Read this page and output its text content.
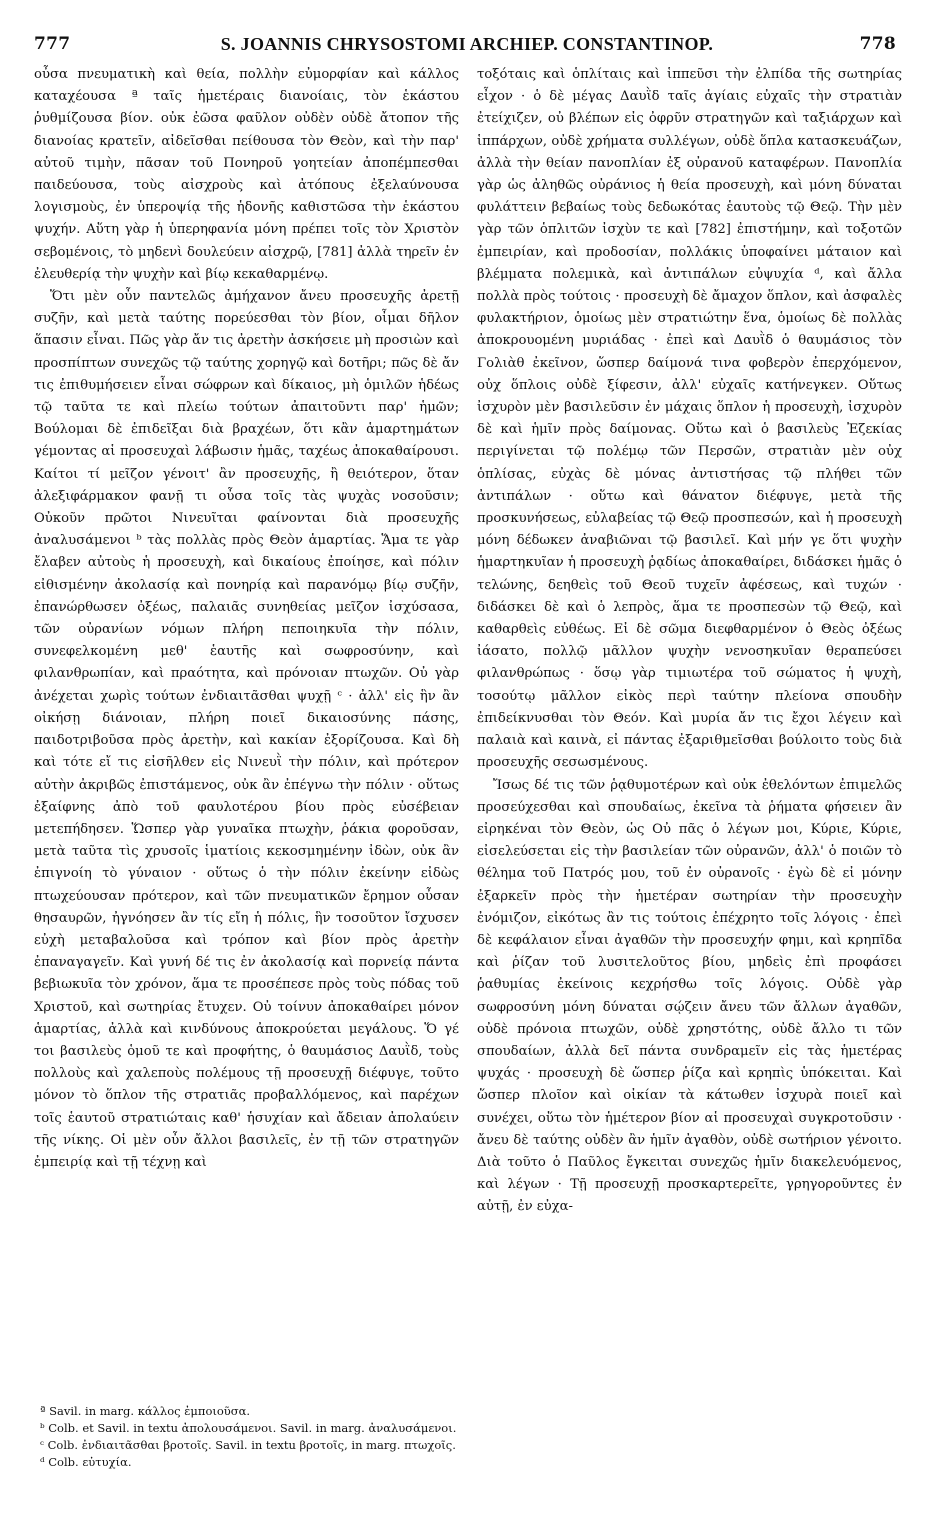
777	S. JOANNIS CHRYSOSTOMI ARCHIEP. CONSTANTINOP.	778

οὖσα πνευματικὴ καὶ θεία, πολλὴν εὐμορφίαν καὶ κάλλος καταχέουσα ª ταῖς ἡμετέραις διανοίαις, τὸν ἑκάστου ῥυθμίζουσα βίον. οὐκ ἐῶσα φαῦλον οὐδὲν οὐδὲ ἄτοπον τῆς διανοίας κρατεῖν, αἰδεῖσθαι πείθουσα τὸν Θεὸν, καὶ τὴν παρ' αὐτοῦ τιμὴν, πᾶσαν τοῦ Πονηροῦ γοητείαν ἀποπέμπεσθαι παιδεύουσα, τοὺς αἰσχροὺς καὶ ἀτόπους ἐξελαύνουσα λογισμοὺς, ἐν ὑπεροψίᾳ τῆς ἡδονῆς καθιστῶσα τὴν ἑκάστου ψυχήν. Αὕτη γὰρ ἡ ὑπερηφανία μόνη πρέπει τοῖς τὸν Χριστὸν σεβομένοις, τὸ μηδενὶ δουλεύειν αἰσχρῷ, [781] ἀλλὰ τηρεῖν ἐν ἐλευθερίᾳ τὴν ψυχὴν καὶ βίῳ κεκαθαρμένῳ.

Ὅτι μὲν οὖν παντελῶς ἀμήχανον ἄνευ προσευχῆς ἀρετῇ συζῆν, καὶ μετὰ ταύτης πορεύεσθαι τὸν βίον, οἶμαι δῆλον ἅπασιν εἶναι. Πῶς γὰρ ἄν τις ἀρετὴν ἀσκήσειε μὴ προσιὼν καὶ προσπίπτων συνεχῶς τῷ ταύτης χορηγῷ καὶ δοτῆρι; πῶς δὲ ἄν τις ἐπιθυμήσειεν εἶναι σώφρων καὶ δίκαιος, μὴ ὁμιλῶν ἡδέως τῷ ταῦτα τε καὶ πλείω τούτων ἀπαιτοῦντι παρ' ἡμῶν; Βούλομαι δὲ ἐπιδεῖξαι διὰ βραχέων, ὅτι κἂν ἁμαρτημάτων γέμοντας αἱ προσευχαὶ λάβωσιν ἡμᾶς, ταχέως ἀποκαθαίρουσι. Καίτοι τί μεῖζον γένοιτ' ἂν προσευχῆς, ἢ θειότερον, ὅταν ἀλεξιφάρμακον φανῇ τι οὖσα τοῖς τὰς ψυχὰς νοσοῦσιν; Οὐκοῦν πρῶτοι Νινευῖται φαίνονται διὰ προσευχῆς ἀναλυσάμενοι ᵇ τὰς πολλὰς πρὸς Θεὸν ἁμαρτίας. Ἅμα τε γὰρ ἔλαβεν αὐτοὺς ἡ προσευχὴ, καὶ δικαίους ἐποίησε, καὶ πόλιν εἰθισμένην ἀκολασίᾳ καὶ πονηρίᾳ καὶ παρανόμῳ βίῳ συζῆν, ἐπανώρθωσεν ὀξέως, παλαιᾶς συνηθείας μεῖζον ἰσχύσασα, τῶν οὐρανίων νόμων πλήρη πεποιηκυῖα τὴν πόλιν, συνεφελκομένη μεθ' ἑαυτῆς καὶ σωφροσύνην, καὶ φιλανθρωπίαν, καὶ πραότητα, καὶ πρόνοιαν πτωχῶν. Οὐ γὰρ ἀνέχεται χωρὶς τούτων ἐνδιαιτᾶσθαι ψυχῇ ᶜ · ἀλλ' εἰς ἣν ἂν οἰκήσῃ διάνοιαν, πλήρη ποιεῖ δικαιοσύνης πάσης, παιδοτριβοῦσα πρὸς ἀρετὴν, καὶ κακίαν ἐξορίζουσα. Καὶ δὴ καὶ τότε εἴ τις εἰσῆλθεν εἰς Νινευῒ τὴν πόλιν, καὶ πρότερον αὐτὴν ἀκριβῶς ἐπιστάμενος, οὐκ ἂν ἐπέγνω τὴν πόλιν · οὕτως ἐξαίφνης ἀπὸ τοῦ φαυλοτέρου βίου πρὸς εὐσέβειαν μετεπήδησεν. Ὥσπερ γὰρ γυναῖκα πτωχὴν, ῥάκια φοροῦσαν, μετὰ ταῦτα τὶς χρυσοῖς ἱματίοις κεκοσμημένην ἰδὼν, οὐκ ἂν ἐπιγνοίη τὸ γύναιον · οὕτως ὁ τὴν πόλιν ἐκείνην εἰδὼς πτωχεύουσαν πρότερον, καὶ τῶν πνευματικῶν ἔρημον οὖσαν θησαυρῶν, ἠγνόησεν ἂν τίς εἴη ἡ πόλις, ἣν τοσοῦτον ἴσχυσεν εὐχὴ μεταβαλοῦσα καὶ τρόπον καὶ βίον πρὸς ἀρετὴν ἐπαναγαγεῖν. Καὶ γυνή δέ τις ἐν ἀκολασίᾳ καὶ πορνείᾳ πάντα βεβιωκυῖα τὸν χρόνον, ἅμα τε προσέπεσε πρὸς τοὺς πόδας τοῦ Χριστοῦ, καὶ σωτηρίας ἔτυχεν. Οὐ τοίνυν ἀποκαθαίρει μόνον ἁμαρτίας, ἀλλὰ καὶ κινδύνους ἀποκρούεται μεγάλους. Ὅ γέ τοι βασιλεὺς ὁμοῦ τε καὶ προφήτης, ὁ θαυμάσιος Δαυῒδ, τοὺς πολλοὺς καὶ χαλεποὺς πολέμους τῇ προσευχῇ διέφυγε, τοῦτο μόνον τὸ ὅπλον τῆς στρατιᾶς προβαλλόμενος, καὶ παρέχων τοῖς ἑαυτοῦ στρατιώταις καθ' ἡσυχίαν καὶ ἄδειαν ἀπολαύειν τῆς νίκης. Οἱ μὲν οὖν ἄλλοι βασιλεῖς, ἐν τῇ τῶν στρατηγῶν ἐμπειρίᾳ καὶ τῇ τέχνῃ καὶ

τοξόταις καὶ ὁπλίταις καὶ ἱππεῦσι τὴν ἐλπίδα τῆς σωτηρίας εἶχον · ὁ δὲ μέγας Δαυῒδ ταῖς ἁγίαις εὐχαῖς τὴν στρατιὰν ἐτείχιζεν, οὐ βλέπων εἰς ὀφρῦν στρατηγῶν καὶ ταξιάρχων καὶ ἱππάρχων, οὐδὲ χρήματα συλλέγων, οὐδὲ ὅπλα κατασκευάζων, ἀλλὰ τὴν θείαν πανοπλίαν ἐξ οὐρανοῦ καταφέρων. Πανοπλία γὰρ ὡς ἀληθῶς οὐράνιος ἡ θεία προσευχὴ, καὶ μόνη δύναται φυλάττειν βεβαίως τοὺς δεδωκότας ἑαυτοὺς τῷ Θεῷ. Τὴν μὲν γὰρ τῶν ὁπλιτῶν ἰσχὺν τε καὶ [782] ἐπιστήμην, καὶ τοξοτῶν ἐμπειρίαν, καὶ προδοσίαν, πολλάκις ὑποφαίνει μάταιον καὶ βλέμματα πολεμικὰ, καὶ ἀντιπάλων εὐψυχία ᵈ, καὶ ἄλλα πολλὰ πρὸς τούτοις · προσευχὴ δὲ ἄμαχον ὅπλον, καὶ ἀσφαλὲς φυλακτήριον, ὁμοίως μὲν στρατιώτην ἕνα, ὁμοίως δὲ πολλὰς ἀποκρουομένη μυριάδας · ἐπεὶ καὶ Δαυῒδ ὁ θαυμάσιος τὸν Γολιὰθ ἐκεῖνον, ὥσπερ δαίμονά τινα φοβερὸν ἐπερχόμενον, οὐχ ὅπλοις οὐδὲ ξίφεσιν, ἀλλ' εὐχαῖς κατήνεγκεν. Οὕτως ἰσχυρὸν μὲν βασιλεῦσιν ἐν μάχαις ὅπλον ἡ προσευχὴ, ἰσχυρὸν δὲ καὶ ἡμῖν πρὸς δαίμονας. Οὕτω καὶ ὁ βασιλεὺς Ἐζεκίας περιγίνεται τῷ πολέμῳ τῶν Περσῶν, στρατιὰν μὲν οὐχ ὁπλίσας, εὐχὰς δὲ μόνας ἀντιστήσας τῷ πλήθει τῶν ἀντιπάλων · οὕτω καὶ θάνατον διέφυγε, μετὰ τῆς προσκυνήσεως, εὐλαβείας τῷ Θεῷ προσπεσών, καὶ ἡ προσευχὴ μόνη δέδωκεν ἀναβιῶναι τῷ βασιλεῖ. Καὶ μήν γε ὅτι ψυχὴν ἡμαρτηκυῖαν ἡ προσευχὴ ῥᾳδίως ἀποκαθαίρει, διδάσκει ἡμᾶς ὁ τελώνης, δεηθεὶς τοῦ Θεοῦ τυχεῖν ἀφέσεως, καὶ τυχών · διδάσκει δὲ καὶ ὁ λεπρὸς, ἅμα τε προσπεσὼν τῷ Θεῷ, καὶ καθαρθεὶς εὐθέως. Εἰ δὲ σῶμα διεφθαρμένον ὁ Θεὸς ὀξέως ἰάσατο, πολλῷ μᾶλλον ψυχὴν νενοσηκυῖαν θεραπεύσει φιλανθρώπως · ὅσῳ γὰρ τιμιωτέρα τοῦ σώματος ἡ ψυχὴ, τοσούτῳ μᾶλλον εἰκὸς περὶ ταύτην πλείονα σπουδὴν ἐπιδείκνυσθαι τὸν Θεόν. Καὶ μυρία ἄν τις ἔχοι λέγειν καὶ παλαιὰ καὶ καινὰ, εἰ πάντας ἐξαριθμεῖσθαι βούλοιτο τοὺς διὰ προσευχῆς σεσωσμένους.

Ἴσως δέ τις τῶν ῥᾳθυμοτέρων καὶ οὐκ ἐθελόντων ἐπιμελῶς προσεύχεσθαι καὶ σπουδαίως, ἐκεῖνα τὰ ῥήματα φήσειεν ἂν εἰρηκέναι τὸν Θεὸν, ὡς Οὐ πᾶς ὁ λέγων μοι, Κύριε, Κύριε, εἰσελεύσεται εἰς τὴν βασιλείαν τῶν οὐρανῶν, ἀλλ' ὁ ποιῶν τὸ θέλημα τοῦ Πατρός μου, τοῦ ἐν οὐρανοῖς · ἐγὼ δὲ εἰ μόνην ἐξαρκεῖν πρὸς τὴν ἡμετέραν σωτηρίαν τὴν προσευχὴν ἐνόμιζον, εἰκότως ἂν τις τούτοις ἐπέχρητο τοῖς λόγοις · ἐπεὶ δὲ κεφάλαιον εἶναι ἀγαθῶν τὴν προσευχήν φημι, καὶ κρηπῖδα καὶ ῥίζαν τοῦ λυσιτελοῦτος βίου, μηδεὶς ἐπὶ προφάσει ῥαθυμίας ἐκείνοις κεχρήσθω τοῖς λόγοις. Οὐδὲ γὰρ σωφροσύνη μόνη δύναται σῴζειν ἄνευ τῶν ἄλλων ἀγαθῶν, οὐδὲ πρόνοια πτωχῶν, οὐδὲ χρηστότης, οὐδὲ ἄλλο τι τῶν σπουδαίων, ἀλλὰ δεῖ πάντα συνδραμεῖν εἰς τὰς ἡμετέρας ψυχάς · προσευχὴ δὲ ὥσπερ ῥίζα καὶ κρηπὶς ὑπόκειται. Καὶ ὥσπερ πλοῖον καὶ οἰκίαν τὰ κάτωθεν ἰσχυρὰ ποιεῖ καὶ συνέχει, οὕτω τὸν ἡμέτερον βίον αἱ προσευχαὶ συγκροτοῦσιν · ἄνευ δὲ ταύτης οὐδὲν ἂν ἡμῖν ἀγαθὸν, οὐδὲ σωτήριον γένοιτο. Διὰ τοῦτο ὁ Παῦλος ἔγκειται συνεχῶς ἡμῖν διακελευόμενος, καὶ λέγων · Τῇ προσευχῇ προσκαρτερεῖτε, γρηγοροῦντες ἐν αὐτῇ, ἐν εὐχα-

ª Savil. in marg. κάλλος ἐμποιοῦσα.

ᵇ Colb. et Savil. in textu ἀπολουσάμενοι. Savil. in marg. ἀναλυσάμενοι.

ᶜ Colb. ἐνδιαιτᾶσθαι βροτοῖς. Savil. in textu βροτοῖς, in marg. πτωχοῖς.

ᵈ Colb. εὐτυχία.
